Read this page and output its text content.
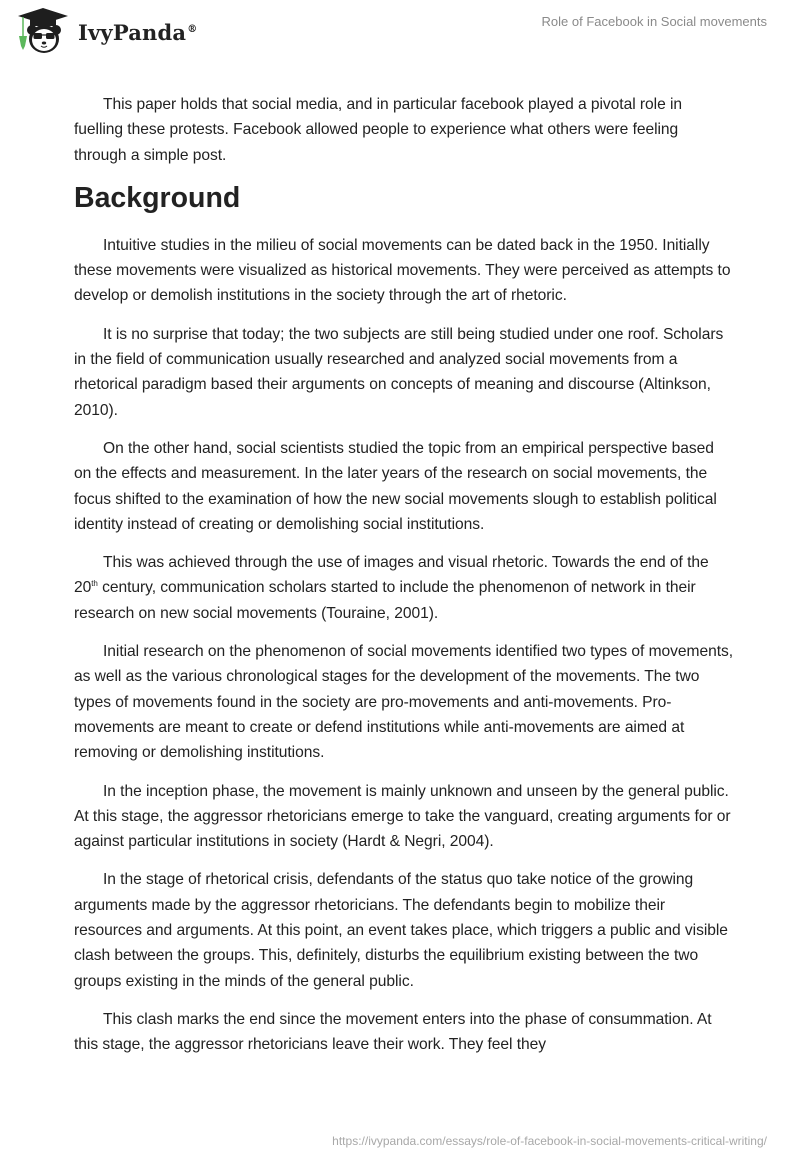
IvyPanda®	Role of Facebook in Social movements

This paper holds that social media, and in particular facebook played a pivotal role in fuelling these protests. Facebook allowed people to experience what others were feeling through a simple post.

Background

Intuitive studies in the milieu of social movements can be dated back in the 1950. Initially these movements were visualized as historical movements. They were perceived as attempts to develop or demolish institutions in the society through the art of rhetoric.

It is no surprise that today; the two subjects are still being studied under one roof. Scholars in the field of communication usually researched and analyzed social movements from a rhetorical paradigm based their arguments on concepts of meaning and discourse (Altinkson, 2010).

On the other hand, social scientists studied the topic from an empirical perspective based on the effects and measurement. In the later years of the research on social movements, the focus shifted to the examination of how the new social movements slough to establish political identity instead of creating or demolishing social institutions.

This was achieved through the use of images and visual rhetoric. Towards the end of the 20th century, communication scholars started to include the phenomenon of network in their research on new social movements (Touraine, 2001).

Initial research on the phenomenon of social movements identified two types of movements, as well as the various chronological stages for the development of the movements. The two types of movements found in the society are pro-movements and anti-movements. Pro-movements are meant to create or defend institutions while anti-movements are aimed at removing or demolishing institutions.

In the inception phase, the movement is mainly unknown and unseen by the general public. At this stage, the aggressor rhetoricians emerge to take the vanguard, creating arguments for or against particular institutions in society (Hardt & Negri, 2004).

In the stage of rhetorical crisis, defendants of the status quo take notice of the growing arguments made by the aggressor rhetoricians. The defendants begin to mobilize their resources and arguments. At this point, an event takes place, which triggers a public and visible clash between the groups. This, definitely, disturbs the equilibrium existing between the two groups existing in the minds of the general public.

This clash marks the end since the movement enters into the phase of consummation. At this stage, the aggressor rhetoricians leave their work. They feel they

https://ivypanda.com/essays/role-of-facebook-in-social-movements-critical-writing/
